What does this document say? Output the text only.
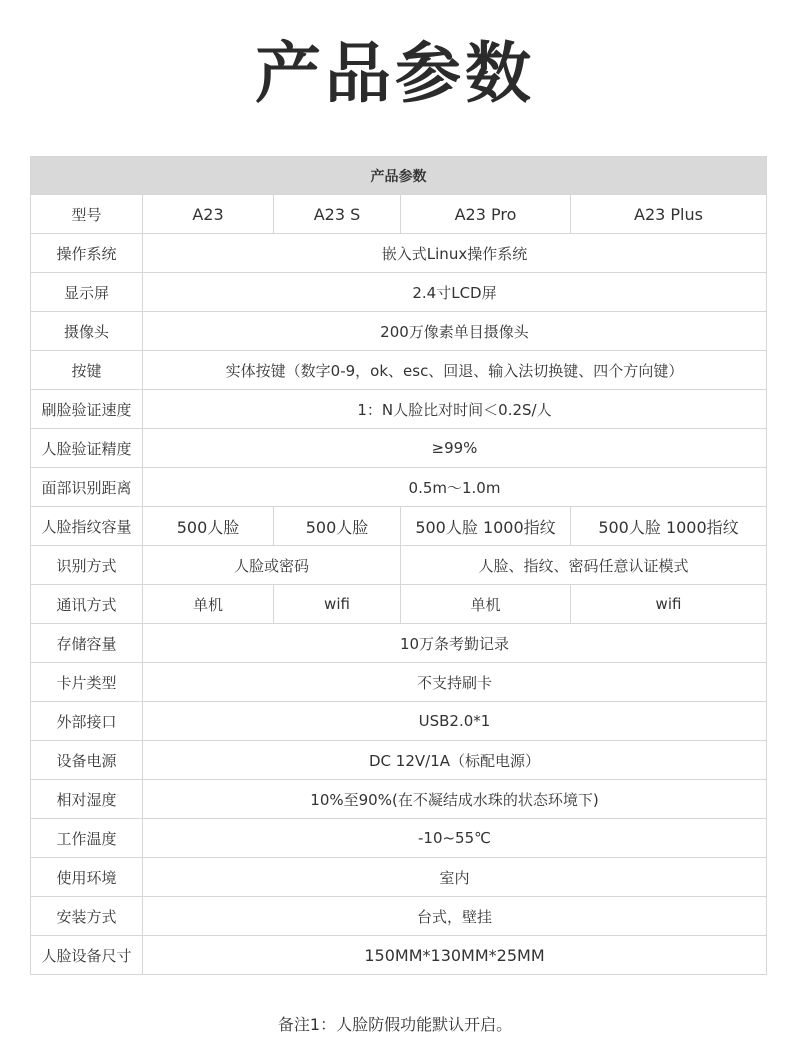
产品参数
产品参数				
型号	A23	A23 S	A23 Pro	A23 Plus
操作系统	嵌入式Linux操作系统			
显示屏	2.4寸LCD屏			
摄像头	200万像素单目摄像头			
按键	实体按键（数字0-9，ok、esc、回退、输入法切换键、四个方向键）			
刷脸验证速度	1：N人脸比对时间＜0.2S/人			
人脸验证精度	≥99%			
面部识别距离	0.5m～1.0m			
人脸指纹容量	500人脸	500人脸	500人脸 1000指纹	500人脸 1000指纹
识别方式	人脸或密码		人脸、指纹、密码任意认证模式	
通讯方式	单机	wifi	单机	wifi
存储容量	10万条考勤记录			
卡片类型	不支持刷卡			
外部接口	USB2.0*1			
设备电源	DC 12V/1A（标配电源）			
相对湿度	10%至90%(在不凝结成水珠的状态环境下)			
工作温度	-10~55℃			
使用环境	室内			
安装方式	台式，壁挂			
人脸设备尺寸	150MM*130MM*25MM			
备注1：人脸防假功能默认开启。
